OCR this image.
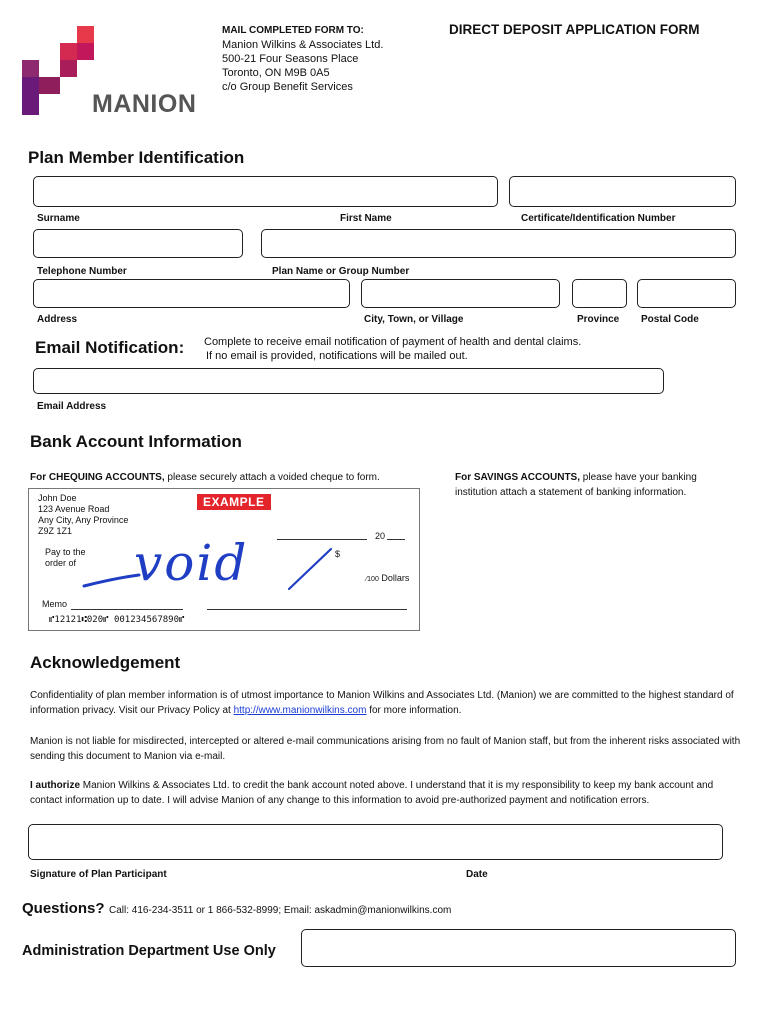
MANION
MAIL COMPLETED FORM TO:
Manion Wilkins & Associates Ltd.
500-21 Four Seasons Place
Toronto, ON M9B 0A5
c/o Group Benefit Services
DIRECT DEPOSIT APPLICATION FORM
Plan Member Identification
Surname	First Name	Certificate/Identification Number
Telephone Number	Plan Name or Group Number
Address	City, Town, or Village	Province Postal Code
Email Notification: Complete to receive email notification of payment of health and dental claims.
If no email is provided, notifications will be mailed out.
Email Address
Bank Account Information
For CHEQUING ACCOUNTS, please securely attach a voided cheque to form.	For SAVINGS ACCOUNTS, please have your banking institution attach a statement of banking information.
John Doe
123 Avenue Road
Any City, Any Province
Z9Z 1Z1
EXAMPLE
20
Pay to the
order of
$
⁄100 Dollars
void
Memo
⑈12121⑆020⑈ 001234567890⑈
Acknowledgement
Confidentiality of plan member information is of utmost importance to Manion Wilkins and Associates Ltd. (Manion) we are committed to the highest standard of information privacy. Visit our Privacy Policy at http://www.manionwilkins.com for more information.
Manion is not liable for misdirected, intercepted or altered e-mail communications arising from no fault of Manion staff, but from the inherent risks associated with sending this document to Manion via e-mail.
I authorize Manion Wilkins & Associates Ltd. to credit the bank account noted above. I understand that it is my responsibility to keep my bank account and contact information up to date. I will advise Manion of any change to this information to avoid pre-authorized payment and notification errors.
Signature of Plan Participant	Date
Questions? Call: 416-234-3511 or 1 866-532-8999; Email: askadmin@manionwilkins.com
Administration Department Use Only
